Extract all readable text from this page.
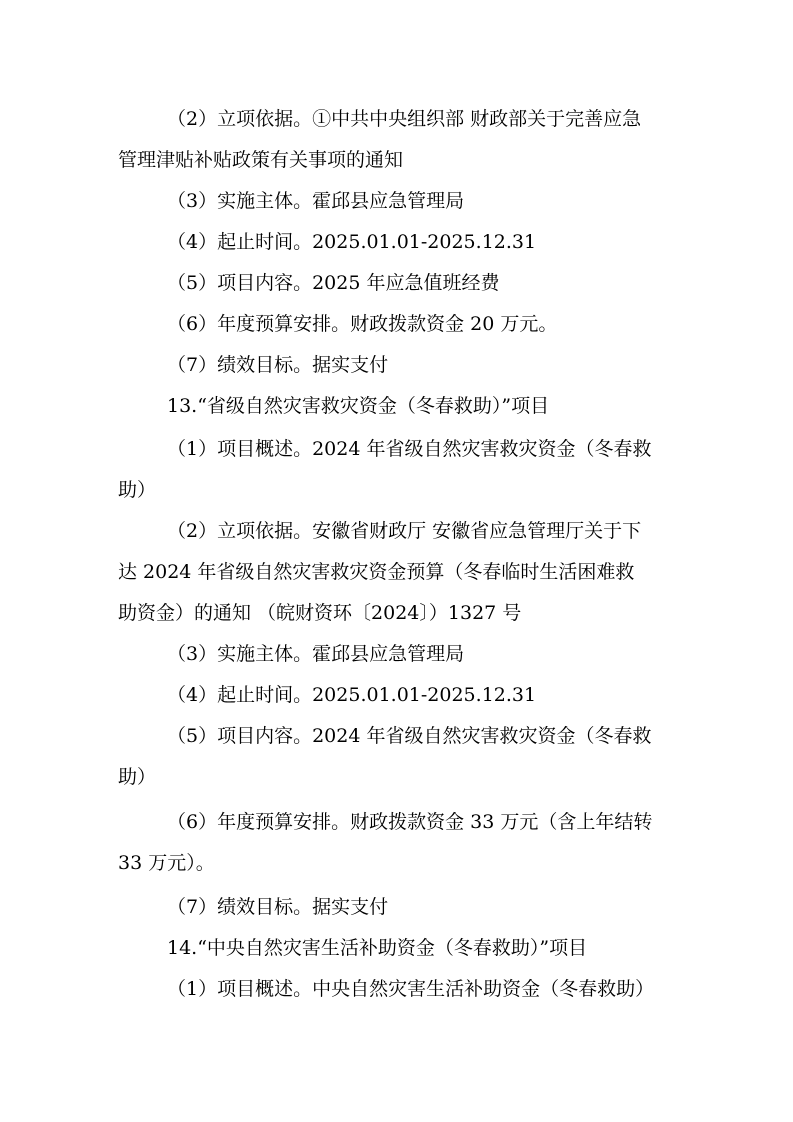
（2）立项依据。①中共中央组织部 财政部关于完善应急
管理津贴补贴政策有关事项的通知
（3）实施主体。霍邱县应急管理局
（4）起止时间。2025.01.01-2025.12.31
（5）项目内容。2025 年应急值班经费
（6）年度预算安排。财政拨款资金 20 万元。
（7）绩效目标。据实支付
13.“省级自然灾害救灾资金（冬春救助）”项目
（1）项目概述。2024 年省级自然灾害救灾资金（冬春救
助）
（2）立项依据。安徽省财政厅 安徽省应急管理厅关于下
达 2024 年省级自然灾害救灾资金预算（冬春临时生活困难救
助资金）的通知 （皖财资环〔2024〕）1327 号
（3）实施主体。霍邱县应急管理局
（4）起止时间。2025.01.01-2025.12.31
（5）项目内容。2024 年省级自然灾害救灾资金（冬春救
助）
（6）年度预算安排。财政拨款资金 33 万元（含上年结转
33 万元）。
（7）绩效目标。据实支付
14.“中央自然灾害生活补助资金（冬春救助）”项目
（1）项目概述。中央自然灾害生活补助资金（冬春救助）
